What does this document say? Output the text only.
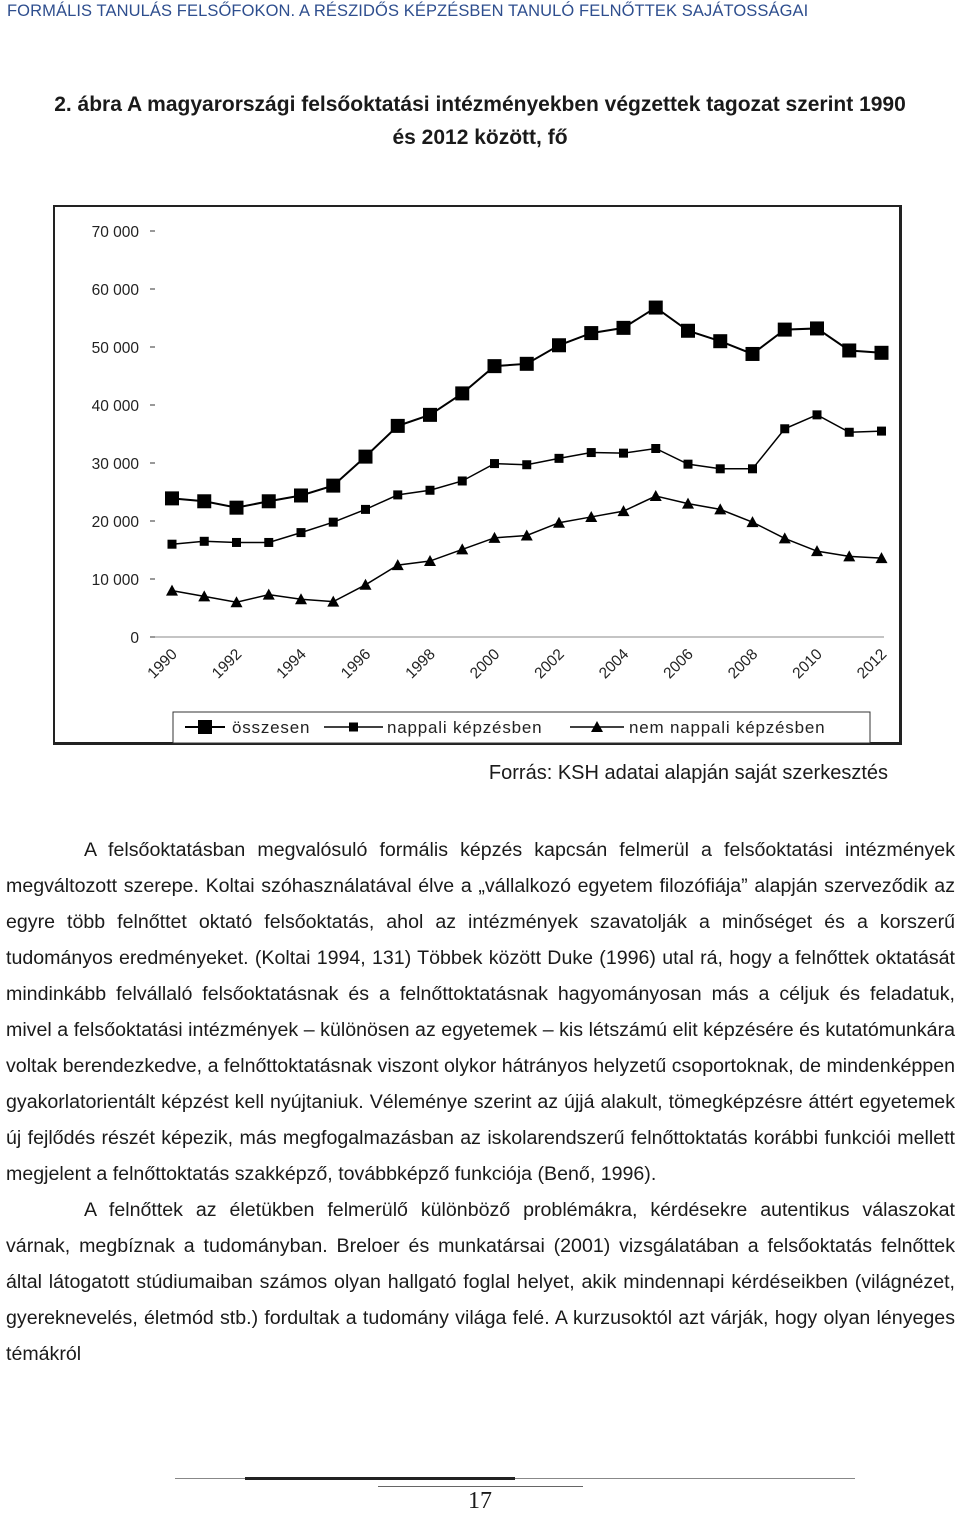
FORMÁLIS TANULÁS FELSŐFOKON. A RÉSZIDŐS KÉPZÉSBEN TANULÓ FELNŐTTEK SAJÁTOSSÁGAI
2. ábra A magyarországi felsőoktatási intézményekben végzettek tagozat szerint 1990
és 2012 között, fő
0
10 000
20 000
30 000
40 000
50 000
60 000
70 000
1990 1992 1994 1996 1998 2000 2002 2004 2006 2008 2010 2012
összesen	nappali képzésben	nem nappali képzésben
Forrás: KSH adatai alapján saját szerkesztés

A felsőoktatásban megvalósuló formális képzés kapcsán felmerül a felsőoktatási intézmények megváltozott szerepe. Koltai szóhasználatával élve a „vállalkozó egyetem filozófiája” alapján szerveződik az egyre több felnőttet oktató felsőoktatás, ahol az intézmények szavatolják a minőséget és a korszerű tudományos eredményeket. (Koltai 1994, 131) Többek között Duke (1996) utal rá, hogy a felnőttek oktatását mindinkább felvállaló felsőoktatásnak és a felnőttoktatásnak hagyományosan más a céljuk és feladatuk, mivel a felsőoktatási intézmények – különösen az egyetemek – kis létszámú elit képzésére és kutatómunkára voltak berendezkedve, a felnőttoktatásnak viszont olykor hátrányos helyzetű csoportoknak, de mindenképpen gyakorlatorientált képzést kell nyújtaniuk. Véleménye szerint az újjá alakult, tömegképzésre áttért egyetemek új fejlődés részét képezik, más megfogalmazásban az iskolarendszerű felnőttoktatás korábbi funkciói mellett megjelent a felnőttoktatás szakképző, továbbképző funkciója (Benő, 1996).

A felnőttek az életükben felmerülő különböző problémákra, kérdésekre autentikus válaszokat várnak, megbíznak a tudományban. Breloer és munkatársai (2001) vizsgálatában a felsőoktatás felnőttek által látogatott stúdiumaiban számos olyan hallgató foglal helyet, akik mindennapi kérdéseikben (világnézet, gyereknevelés, életmód stb.) fordultak a tudomány világa felé. A kurzusoktól azt várják, hogy olyan lényeges témákról

17
